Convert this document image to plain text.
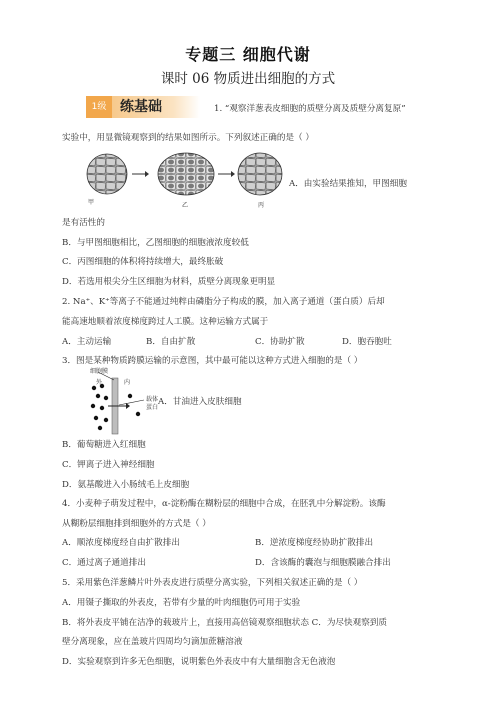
专题三 细胞代谢
课时 06 物质进出细胞的方式
1级 练基础	1. “观察洋葱表皮细胞的质壁分离及质壁分离复原”
实验中，用显微镜观察到的结果如图所示。下列叙述正确的是（ ）
甲	乙	丙
A．由实验结果推知，甲图细胞
是有活性的
B．与甲图细胞相比，乙图细胞的细胞液浓度较低
C．丙图细胞的体积将持续增大，最终胀破
D．若选用根尖分生区细胞为材料，质壁分离现象更明显
2. Na⁺、K⁺等离子不能通过纯粹由磷脂分子构成的膜，加入离子通道（蛋白质）后却
能高速地顺着浓度梯度跨过人工膜。这种运输方式属于
A．主动运输	B．自由扩散	C．协助扩散	D．胞吞胞吐
3．图是某种物质跨膜运输的示意图，其中最可能以这种方式进入细胞的是（ ）
细胞膜
外	内
载体
蛋白
A．甘油进入皮肤细胞
B．葡萄糖进入红细胞
C．钾离子进入神经细胞
D．氨基酸进入小肠绒毛上皮细胞
4．小麦种子萌发过程中，α-淀粉酶在糊粉层的细胞中合成，在胚乳中分解淀粉。该酶
从糊粉层细胞排到细胞外的方式是（ ）
A．顺浓度梯度经自由扩散排出	B．逆浓度梯度经协助扩散排出
C．通过离子通道排出	D．含该酶的囊泡与细胞膜融合排出
5．采用紫色洋葱鳞片叶外表皮进行质壁分离实验，下列相关叙述正确的是（ ）
A．用镊子撕取的外表皮，若带有少量的叶肉细胞仍可用于实验
B．将外表皮平铺在洁净的载玻片上，直接用高倍镜观察细胞状态 C．为尽快观察到质
壁分离现象，应在盖玻片四周均匀滴加蔗糖溶液
D．实验观察到许多无色细胞，说明紫色外表皮中有大量细胞含无色液泡
